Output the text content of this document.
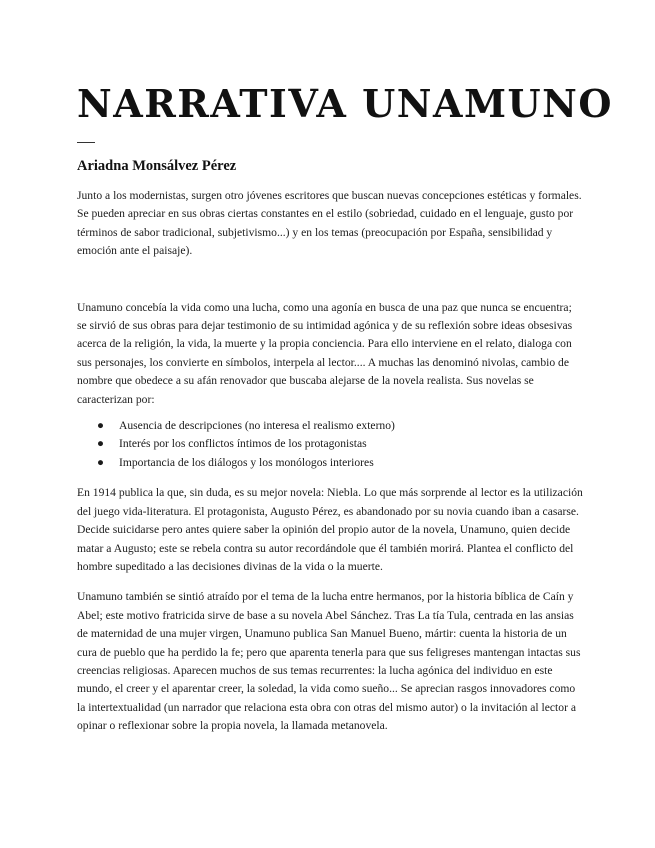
NARRATIVA UNAMUNO

Ariadna Monsálvez Pérez

Junto a los modernistas, surgen otro jóvenes escritores que buscan nuevas concepciones estéticas y formales. Se pueden apreciar en sus obras ciertas constantes en el estilo (sobriedad, cuidado en el lenguaje, gusto por términos de sabor tradicional, subjetivismo...) y en los temas (preocupación por España, sensibilidad y emoción ante el paisaje).

Unamuno concebía la vida como una lucha, como una agonía en busca de una paz que nunca se encuentra; se sirvió de sus obras para dejar testimonio de su intimidad agónica y de su reflexión sobre ideas obsesivas acerca de la religión, la vida, la muerte y la propia conciencia. Para ello interviene en el relato, dialoga con sus personajes, los convierte en símbolos, interpela al lector.... A muchas las denominó nivolas, cambio de nombre que obedece a su afán renovador que buscaba alejarse de la novela realista. Sus novelas se caracterizan por:

● Ausencia de descripciones (no interesa el realismo externo)
● Interés por los conflictos íntimos de los protagonistas
● Importancia de los diálogos y los monólogos interiores

En 1914 publica la que, sin duda, es su mejor novela: Niebla. Lo que más sorprende al lector es la utilización del juego vida-literatura. El protagonista, Augusto Pérez, es abandonado por su novia cuando iban a casarse. Decide suicidarse pero antes quiere saber la opinión del propio autor de la novela, Unamuno, quien decide matar a Augusto; este se rebela contra su autor recordándole que él también morirá. Plantea el conflicto del hombre supeditado a las decisiones divinas de la vida o la muerte.

Unamuno también se sintió atraído por el tema de la lucha entre hermanos, por la historia bíblica de Caín y Abel; este motivo fratricida sirve de base a su novela Abel Sánchez. Tras La tía Tula, centrada en las ansias de maternidad de una mujer virgen, Unamuno publica San Manuel Bueno, mártir: cuenta la historia de un cura de pueblo que ha perdido la fe; pero que aparenta tenerla para que sus feligreses mantengan intactas sus creencias religiosas. Aparecen muchos de sus temas recurrentes: la lucha agónica del individuo en este mundo, el creer y el aparentar creer, la soledad, la vida como sueño... Se aprecian rasgos innovadores como la intertextualidad (un narrador que relaciona esta obra con otras del mismo autor) o la invitación al lector a opinar o reflexionar sobre la propia novela, la llamada metanovela.
